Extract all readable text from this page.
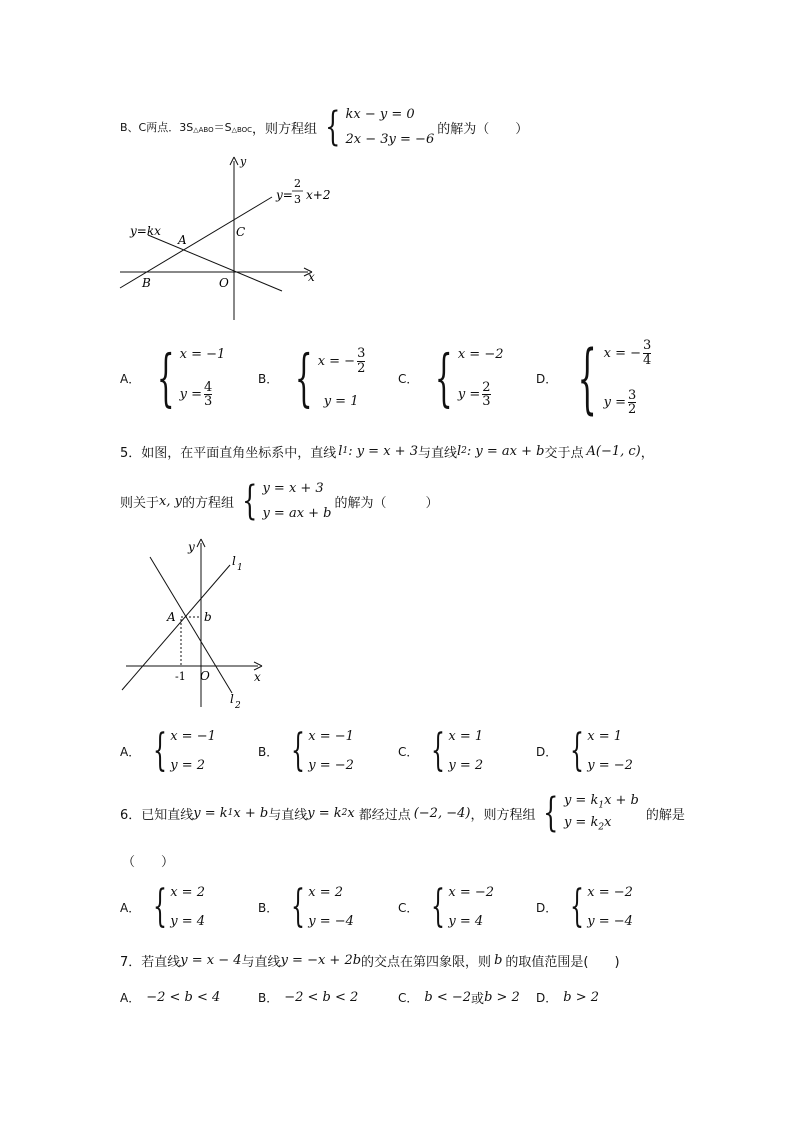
B、C两点．3S △ABO ＝S △BOC ，则方程组 { kx − y = 0
2x − 3y = −6
的解为（　　）
y
x
y=
2
3 x+2
y=kx
A
B
C
O
A． { x = −1
$y = \frac{4}{3}$
B． { x = − $\frac{3}{2}$
y = 1
C． { x = −2
$y = \frac{2}{3}$
D． { x = − $\frac{3}{4}$
$y = \frac{3}{2}$
5．如图，在平面直角坐标系中，直线 l 1 : y = x + 3 与直线 l 2 : y = ax + b 交于点 A(−1, c) ，
则关于 x, y 的方程组 { y = x + 3
y = ax + b
的解为（　　　）
y
x
l 1
l 2
A b
-1 O
A． { x = −1
y = 2
B． { x = −1
y = −2
C． { x = 1
y = 2
D． { x = 1
y = −2
6．已知直线 y = k 1 x + b 与直线 y = k 2 x 都经过点 (−2, −4) ，则方程组 { $y = k_1x + b$
$y = k_2x$
的解是
（　　）
A． { x = 2
y = 4
B． { x = 2
y = −4
C． { x = −2
y = 4
D． { x = −2
y = −4
7．若直线 y = x − 4 与直线 y = −x + 2b 的交点在第四象限，则 b 的取值范围是(　　)
A． −2 < b < 4	B． −2 < b < 2	C． b < −2 或 b > 2 D． b > 2
